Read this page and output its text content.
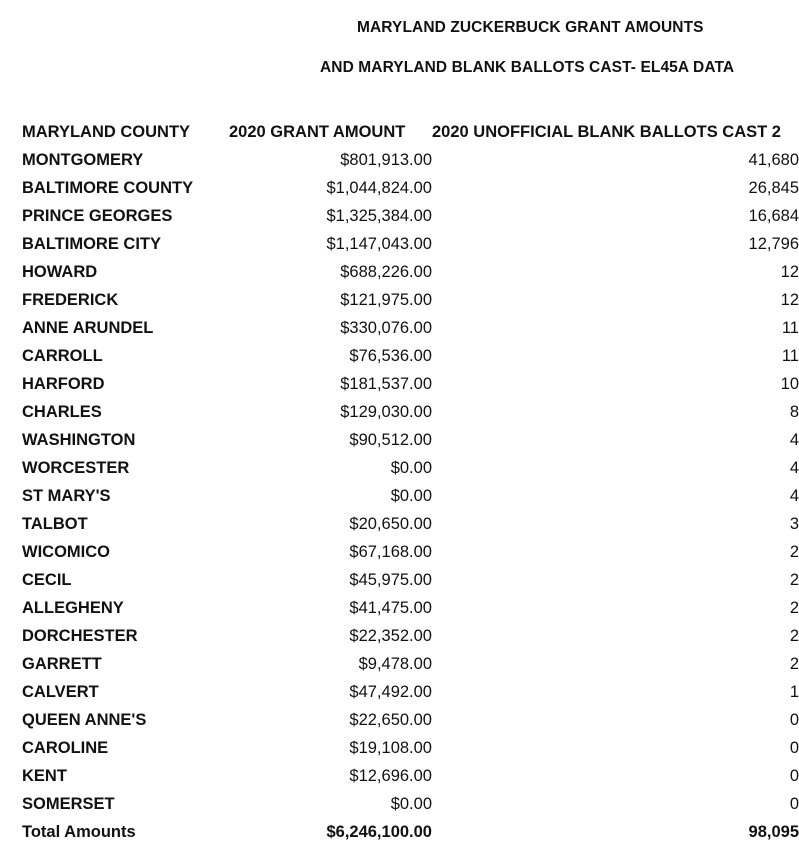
MARYLAND ZUCKERBUCK GRANT AMOUNTS
AND MARYLAND BLANK BALLOTS CAST- EL45A DATA
MARYLAND COUNTY	2020 GRANT AMOUNT	2020 UNOFFICIAL BLANK BALLOTS CAST 2
MONTGOMERY	$801,913.00	41,680
BALTIMORE COUNTY	$1,044,824.00	26,845
PRINCE GEORGES	$1,325,384.00	16,684
BALTIMORE CITY	$1,147,043.00	12,796
HOWARD	$688,226.00	12
FREDERICK	$121,975.00	12
ANNE ARUNDEL	$330,076.00	11
CARROLL	$76,536.00	11
HARFORD	$181,537.00	10
CHARLES	$129,030.00	8
WASHINGTON	$90,512.00	4
WORCESTER	$0.00	4
ST MARY'S	$0.00	4
TALBOT	$20,650.00	3
WICOMICO	$67,168.00	2
CECIL	$45,975.00	2
ALLEGHENY	$41,475.00	2
DORCHESTER	$22,352.00	2
GARRETT	$9,478.00	2
CALVERT	$47,492.00	1
QUEEN ANNE'S	$22,650.00	0
CAROLINE	$19,108.00	0
KENT	$12,696.00	0
SOMERSET	$0.00	0
Total Amounts	$6,246,100.00	98,095
